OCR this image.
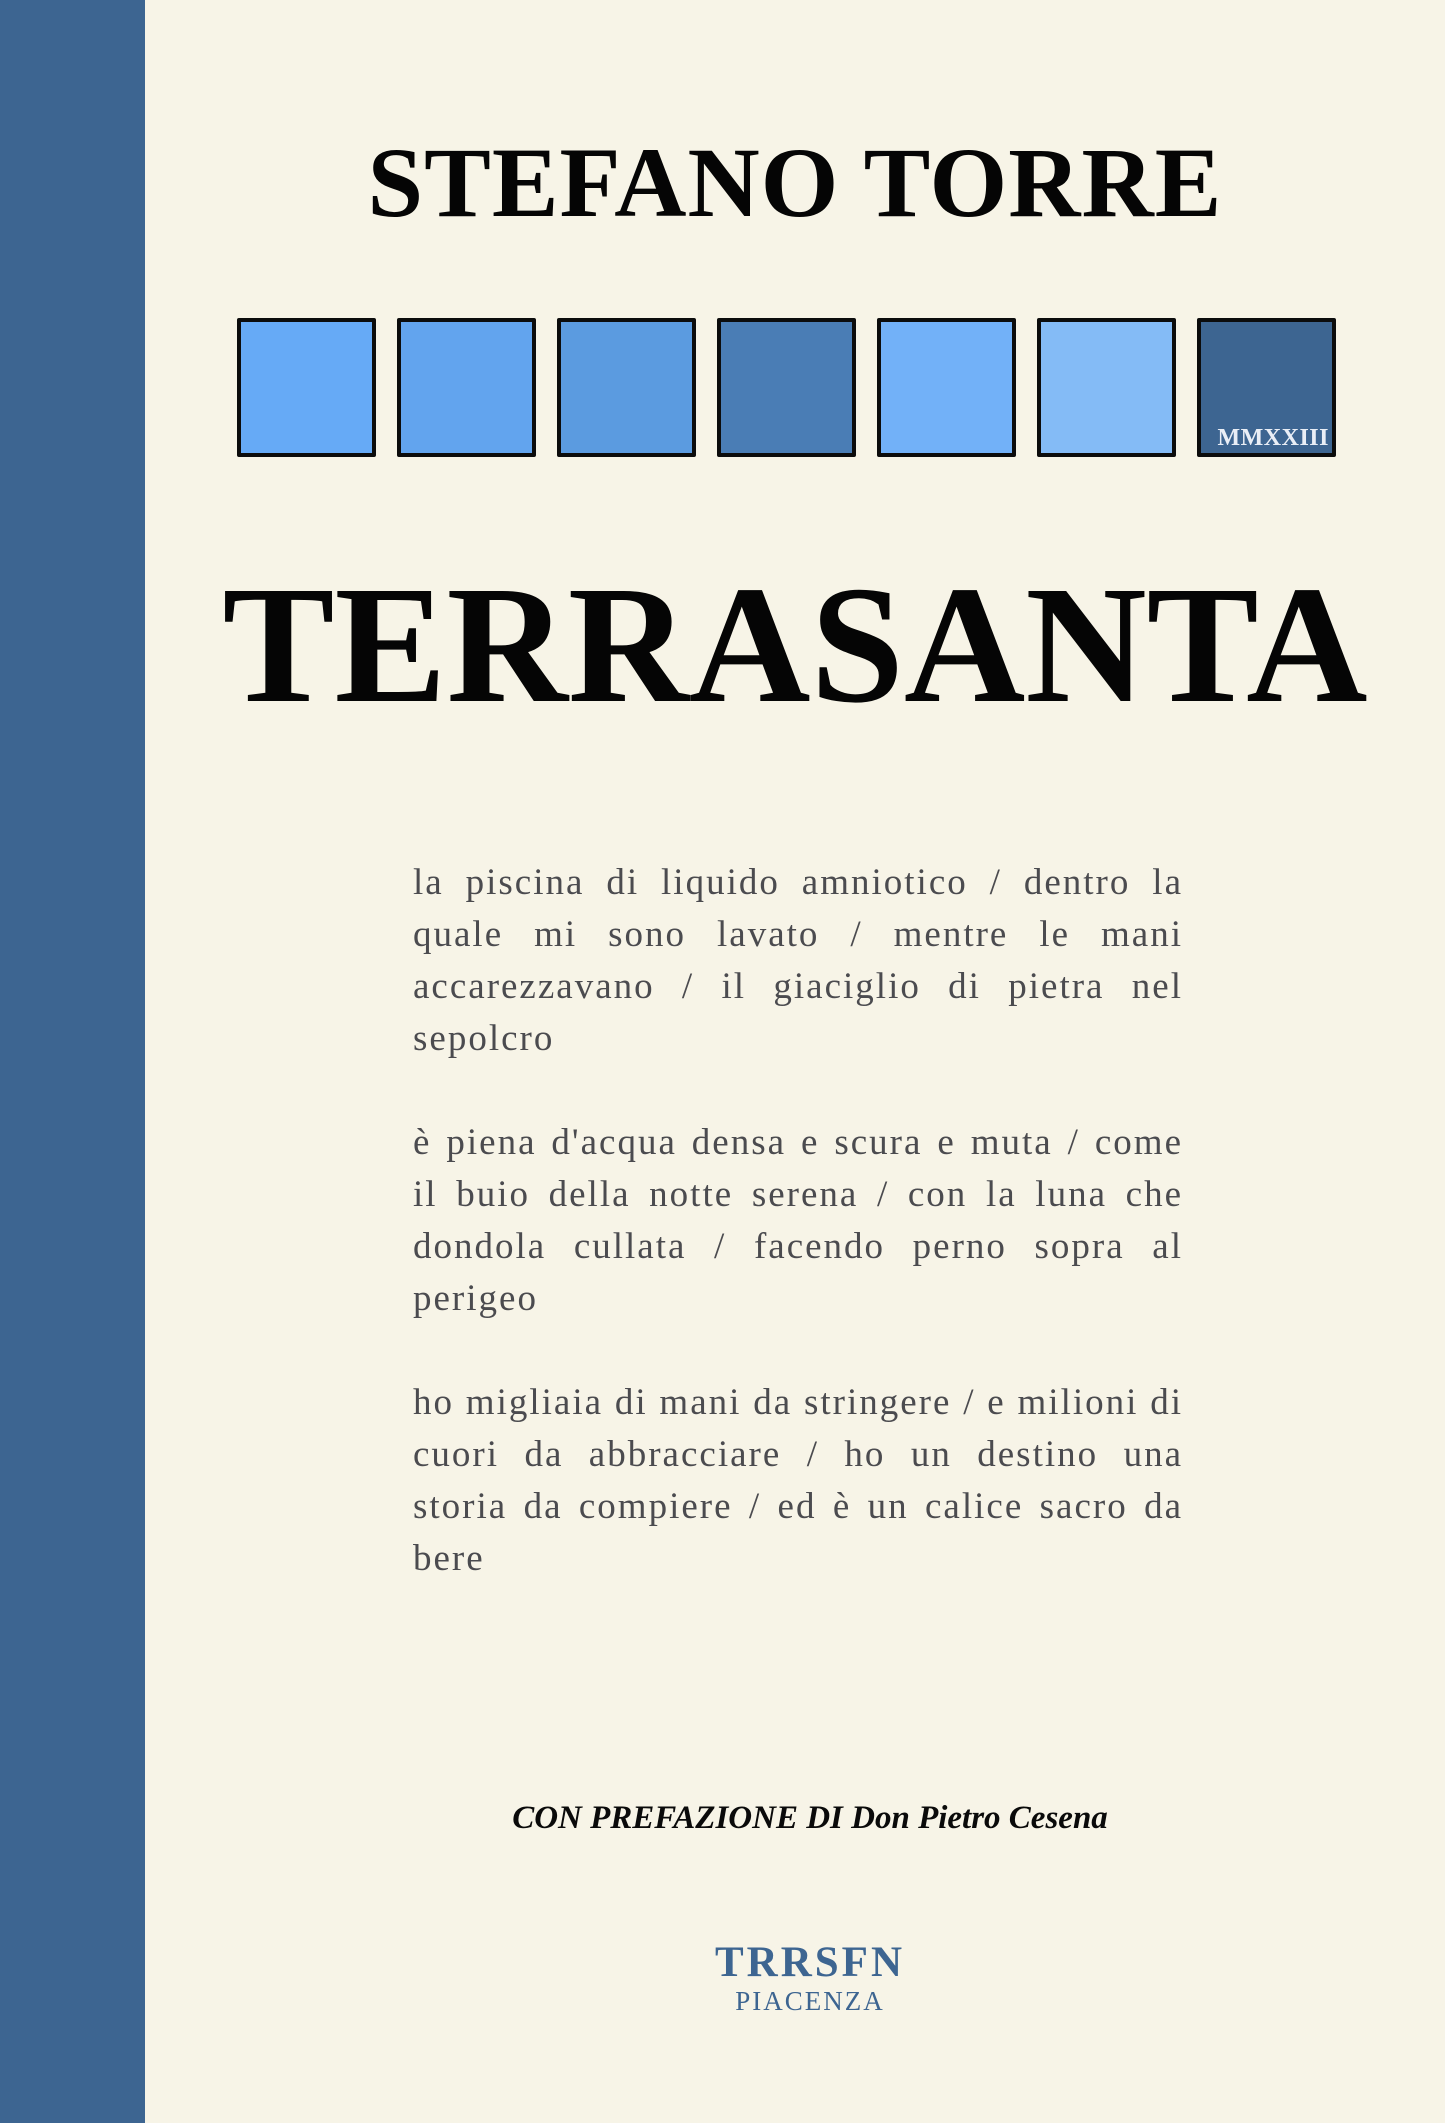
STEFANO TORRE
MMXXIII
TERRASANTA

la piscina di liquido amniotico / dentro la quale mi sono lavato / mentre le mani accarezzavano / il giaciglio di pietra nel sepolcro

è piena d'acqua densa e scura e muta / come il buio della notte serena / con la luna che dondola cullata / facendo perno sopra al perigeo

ho migliaia di mani da stringere / e milioni di cuori da abbracciare / ho un destino una storia da compiere / ed è un calice sacro da bere

CON PREFAZIONE DI Don Pietro Cesena
TRRSFN
PIACENZA
